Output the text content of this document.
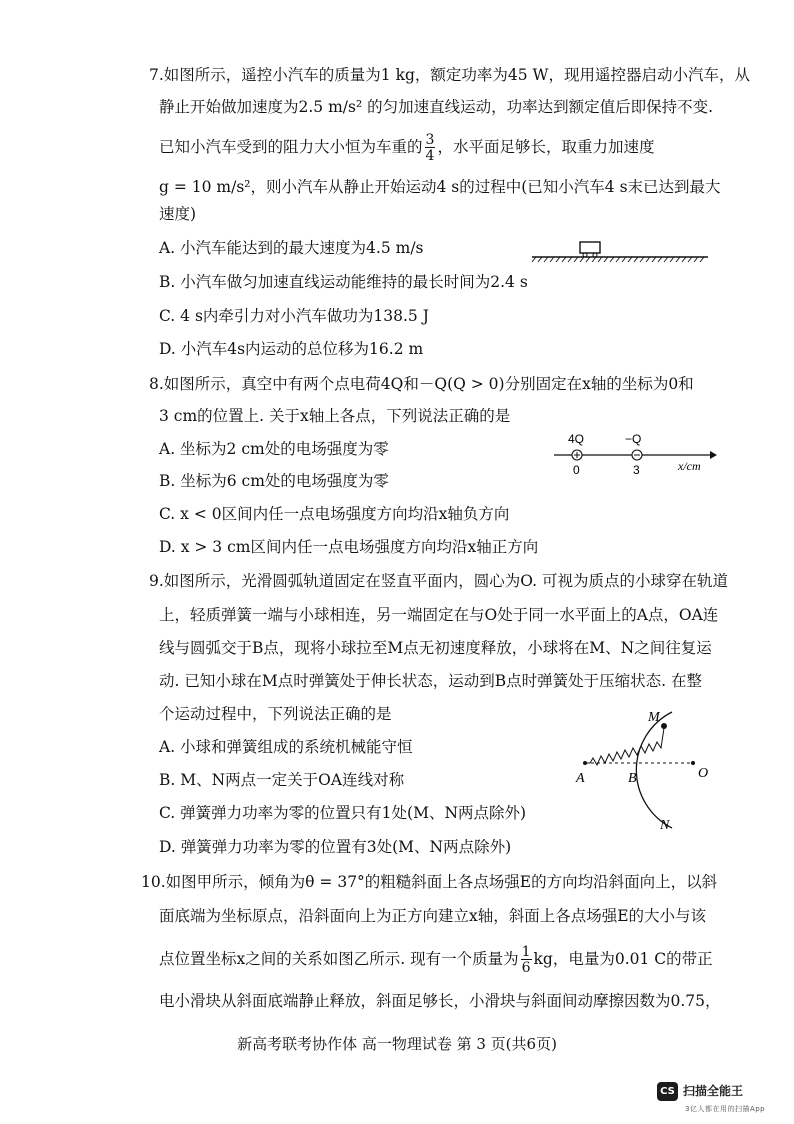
7.如图所示，遥控小汽车的质量为1 kg，额定功率为45 W，现用遥控器启动小汽车，从
静止开始做加速度为2.5 m/s² 的匀加速直线运动，功率达到额定值后即保持不变.
已知小汽车受到的阻力大小恒为车重的 $\frac{3}{4}$ ，水平面足够长，取重力加速度
g = 10 m/s²，则小汽车从静止开始运动4 s的过程中(已知小汽车4 s末已达到最大
速度)
A. 小汽车能达到的最大速度为4.5 m/s
B. 小汽车做匀加速直线运动能维持的最长时间为2.4 s
C. 4 s内牵引力对小汽车做功为138.5 J
D. 小汽车4s内运动的总位移为16.2 m
8.如图所示，真空中有两个点电荷4Q和－Q(Q > 0)分别固定在x轴的坐标为0和
3 cm的位置上. 关于x轴上各点，下列说法正确的是
A. 坐标为2 cm处的电场强度为零
B. 坐标为6 cm处的电场强度为零
C. x < 0区间内任一点电场强度方向均沿x轴负方向
D. x > 3 cm区间内任一点电场强度方向均沿x轴正方向
4Q	−Q
0	3	x/cm
9.如图所示，光滑圆弧轨道固定在竖直平面内，圆心为O. 可视为质点的小球穿在轨道
上，轻质弹簧一端与小球相连，另一端固定在与O处于同一水平面上的A点，OA连
线与圆弧交于B点，现将小球拉至M点无初速度释放，小球将在M、N之间往复运
动. 已知小球在M点时弹簧处于伸长状态，运动到B点时弹簧处于压缩状态. 在整
个运动过程中，下列说法正确的是
A. 小球和弹簧组成的系统机械能守恒
B. M、N两点一定关于OA连线对称
C. 弹簧弹力功率为零的位置只有1处(M、N两点除外)
D. 弹簧弹力功率为零的位置有3处(M、N两点除外)
M
N
A	B	O
10.如图甲所示，倾角为θ = 37°的粗糙斜面上各点场强E的方向均沿斜面向上，以斜
面底端为坐标原点，沿斜面向上为正方向建立x轴，斜面上各点场强E的大小与该
点位置坐标x之间的关系如图乙所示. 现有一个质量为 $\frac{1}{6}$ kg，电量为0.01 C的带正
电小滑块从斜面底端静止释放，斜面足够长，小滑块与斜面间动摩擦因数为0.75，
新高考联考协作体 高一物理试卷 第 3 页(共6页)
CS 扫描全能王
3亿人都在用的扫描App
